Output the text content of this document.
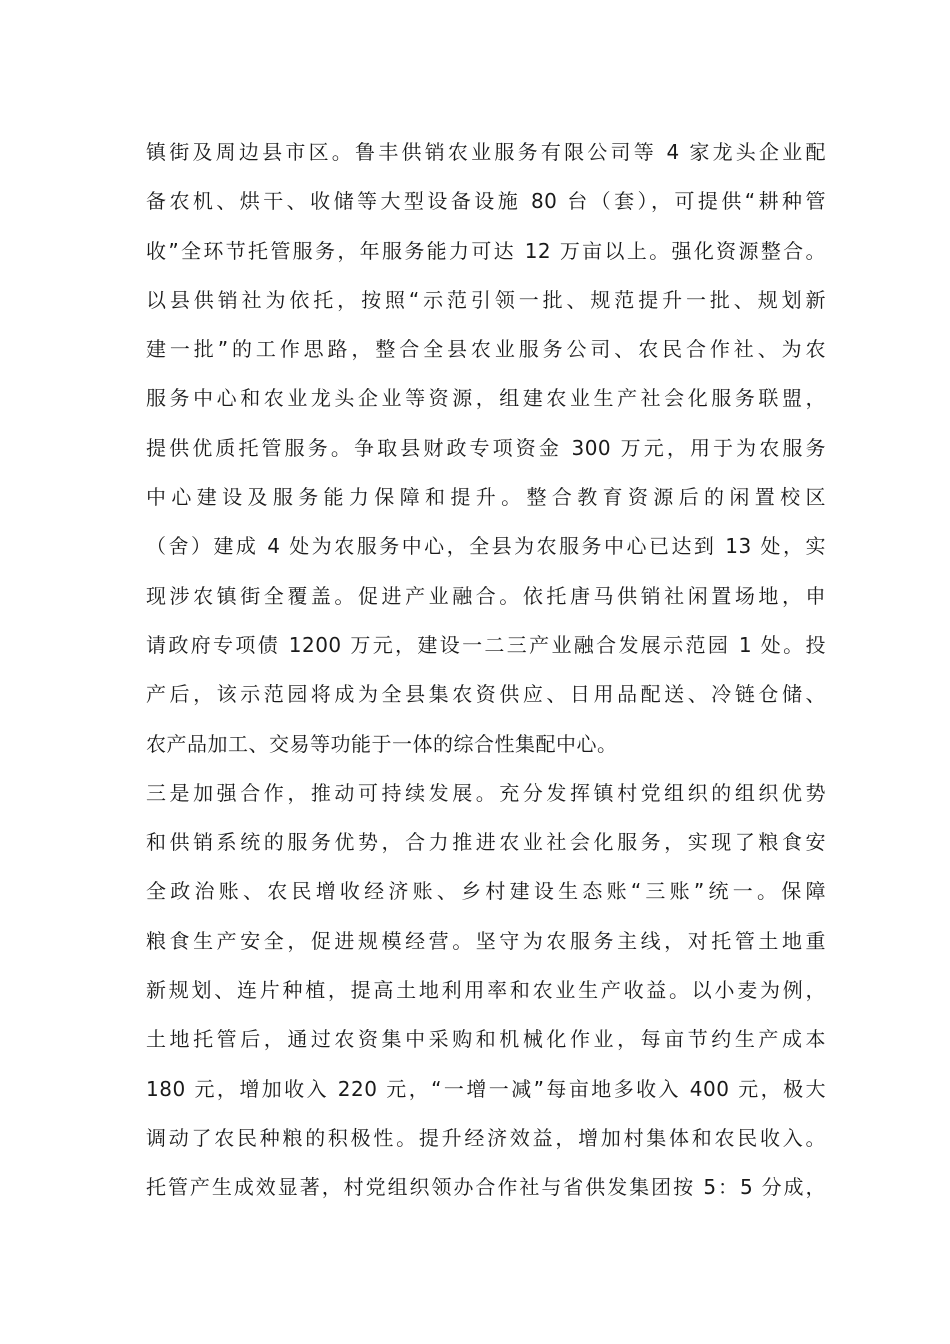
镇街及周边县市区。鲁丰供销农业服务有限公司等 4 家龙头企业配
备农机、烘干、收储等大型设备设施 80 台（套），可提供“耕种管
收”全环节托管服务，年服务能力可达 12 万亩以上。强化资源整合。
以县供销社为依托，按照“示范引领一批、规范提升一批、规划新
建一批”的工作思路，整合全县农业服务公司、农民合作社、为农
服务中心和农业龙头企业等资源，组建农业生产社会化服务联盟，
提供优质托管服务。争取县财政专项资金 300 万元，用于为农服务
中心建设及服务能力保障和提升。整合教育资源后的闲置校区
（舍）建成 4 处为农服务中心，全县为农服务中心已达到 13 处，实
现涉农镇街全覆盖。促进产业融合。依托唐马供销社闲置场地，申
请政府专项债 1200 万元，建设一二三产业融合发展示范园 1 处。投
产后，该示范园将成为全县集农资供应、日用品配送、冷链仓储、
农产品加工、交易等功能于一体的综合性集配中心。
三是加强合作，推动可持续发展。充分发挥镇村党组织的组织优势
和供销系统的服务优势，合力推进农业社会化服务，实现了粮食安
全政治账、农民增收经济账、乡村建设生态账“三账”统一。保障
粮食生产安全，促进规模经营。坚守为农服务主线，对托管土地重
新规划、连片种植，提高土地利用率和农业生产收益。以小麦为例，
土地托管后，通过农资集中采购和机械化作业，每亩节约生产成本
180 元，增加收入 220 元，“一增一减”每亩地多收入 400 元，极大
调动了农民种粮的积极性。提升经济效益，增加村集体和农民收入。
托管产生成效显著，村党组织领办合作社与省供发集团按 5：5 分成，
